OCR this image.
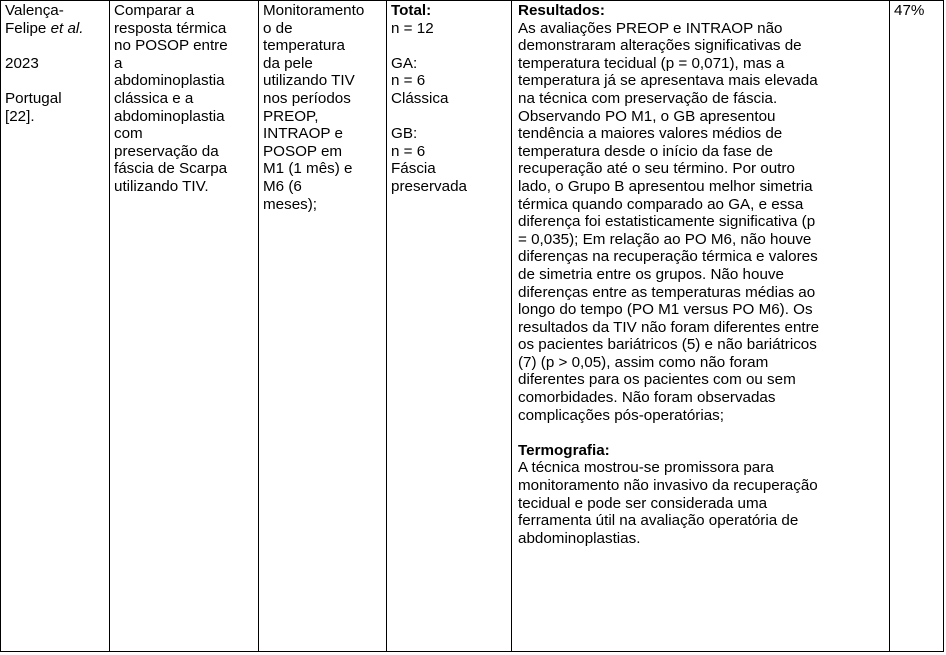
Valença-
Felipe et al.

2023

Portugal
[22].	Comparar a
resposta térmica
no POSOP entre
a
abdominoplastia
clássica e a
abdominoplastia
com
preservação da
fáscia de Scarpa
utilizando TIV.	Monitoramento
o de
temperatura
da pele
utilizando TIV
nos períodos
PREOP,
INTRAOP e
POSOP em
M1 (1 mês) e
M6 (6
meses);	Total:
n = 12

GA:
n = 6
Clássica

GB:
n = 6
Fáscia
preservada	Resultados:
As avaliações PREOP e INTRAOP não
demonstraram alterações significativas de
temperatura tecidual (p = 0,071), mas a
temperatura já se apresentava mais elevada
na técnica com preservação de fáscia.
Observando PO M1, o GB apresentou
tendência a maiores valores médios de
temperatura desde o início da fase de
recuperação até o seu término. Por outro
lado, o Grupo B apresentou melhor simetria
térmica quando comparado ao GA, e essa
diferença foi estatisticamente significativa (p
= 0,035); Em relação ao PO M6, não houve
diferenças na recuperação térmica e valores
de simetria entre os grupos. Não houve
diferenças entre as temperaturas médias ao
longo do tempo (PO M1 versus PO M6). Os
resultados da TIV não foram diferentes entre
os pacientes bariátricos (5) e não bariátricos
(7) (p > 0,05), assim como não foram
diferentes para os pacientes com ou sem
comorbidades. Não foram observadas
complicações pós-operatórias;

Termografia:
A técnica mostrou-se promissora para
monitoramento não invasivo da recuperação
tecidual e pode ser considerada uma
ferramenta útil na avaliação operatória de
abdominoplastias.	47%
